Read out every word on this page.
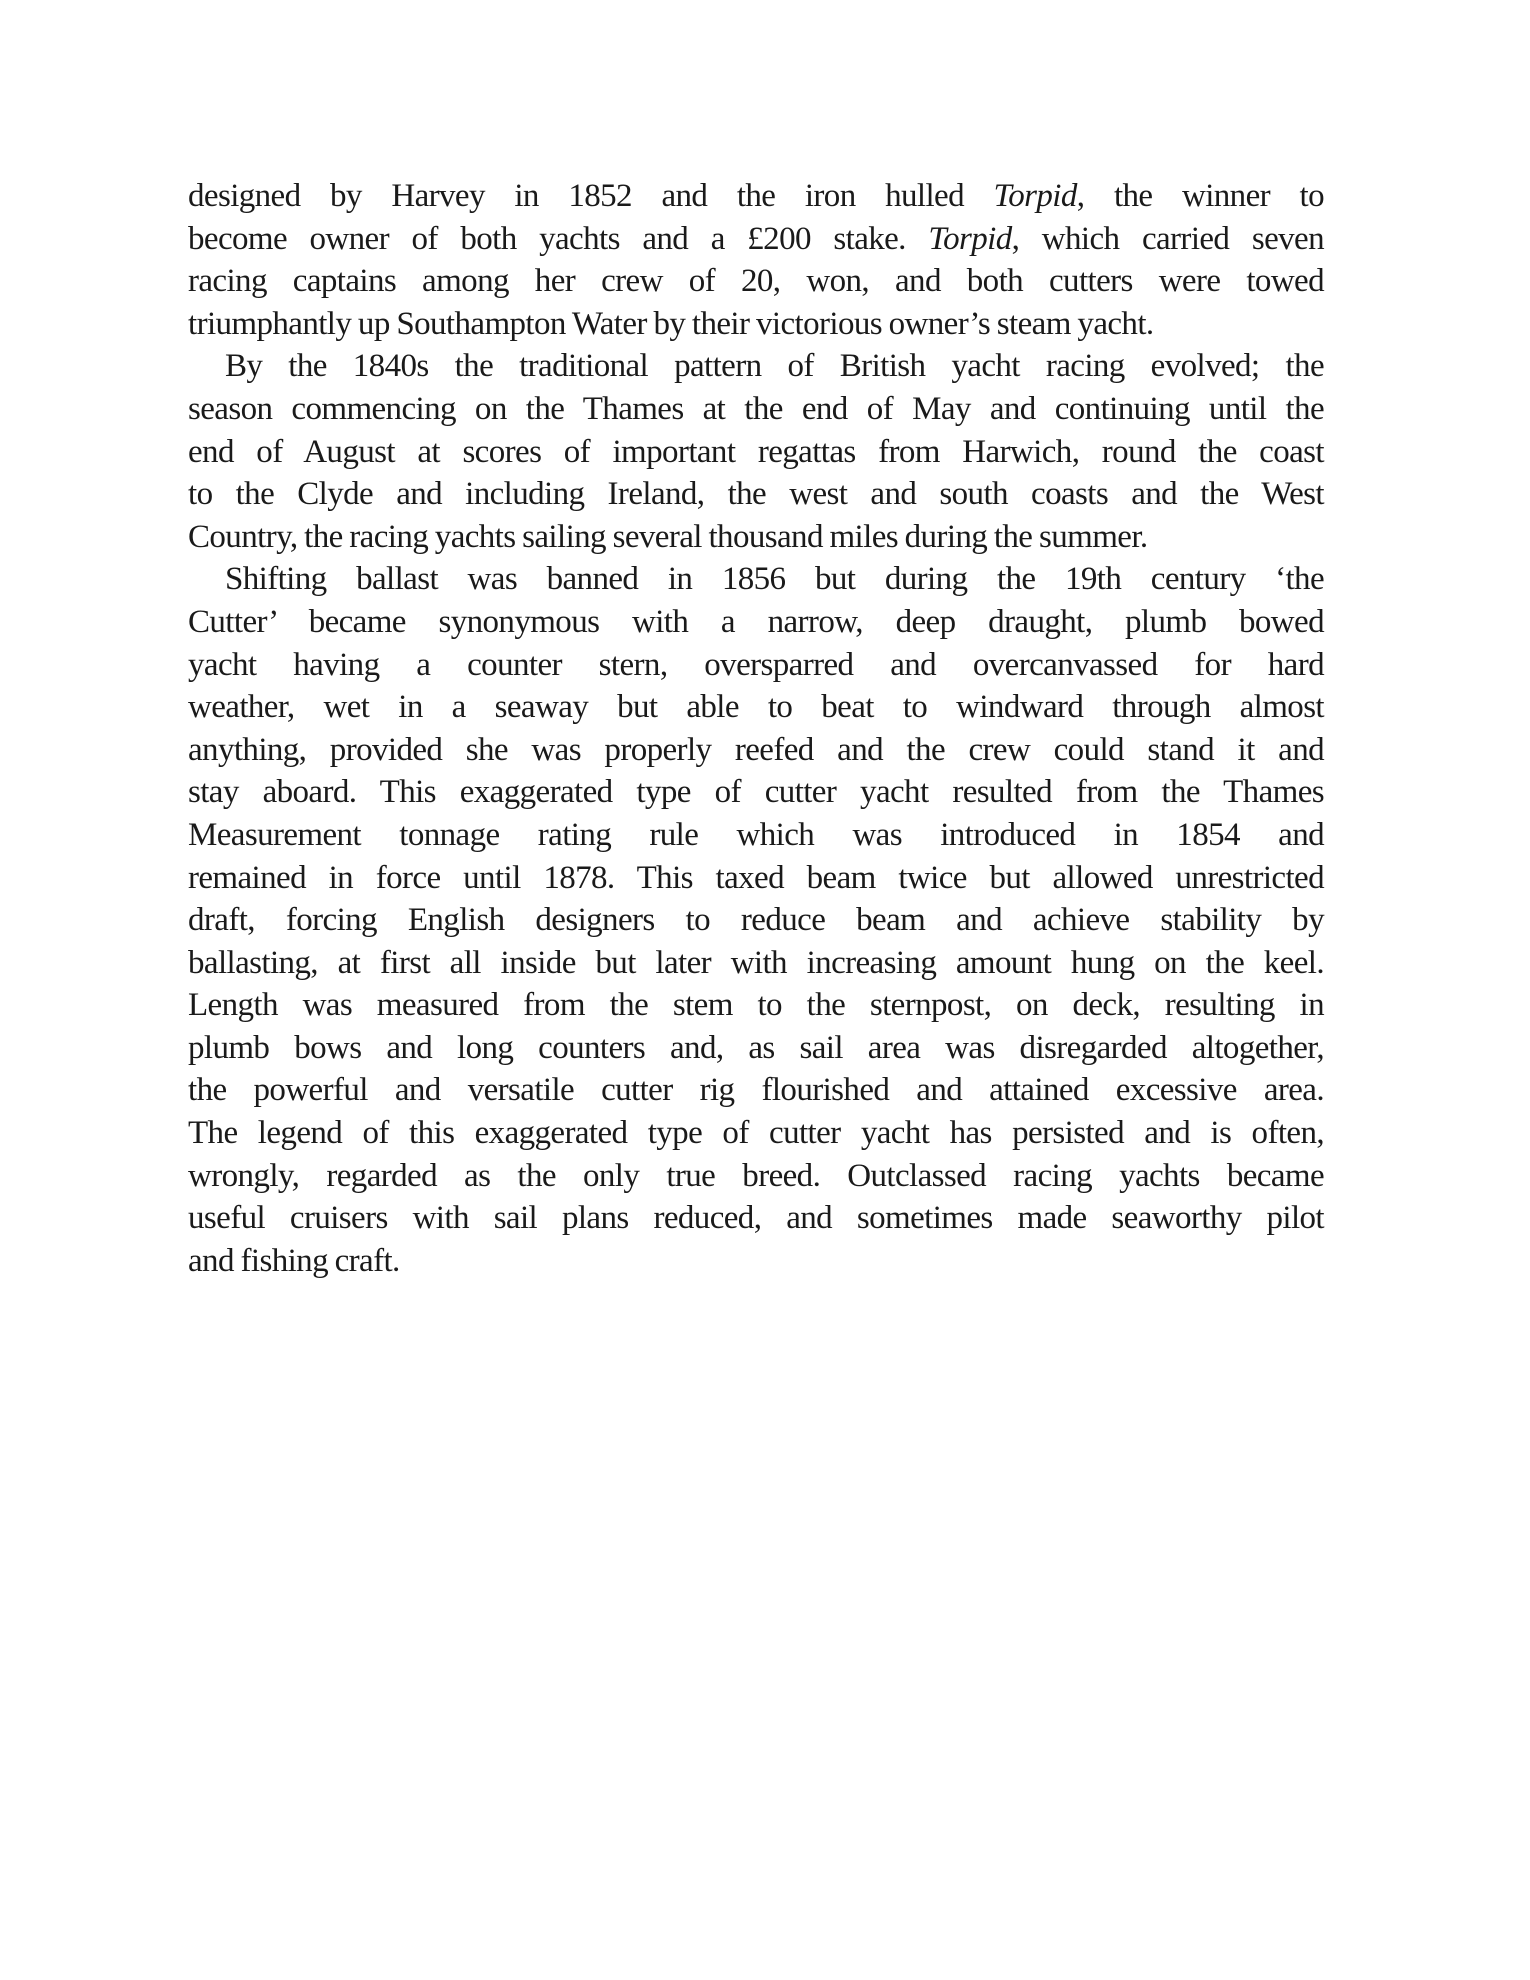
designed by Harvey in 1852 and the iron hulled Torpid, the winner to
become owner of both yachts and a £200 stake. Torpid, which carried seven
racing captains among her crew of 20, won, and both cutters were towed
triumphantly up Southampton Water by their victorious owner’s steam yacht.
By the 1840s the traditional pattern of British yacht racing evolved; the
season commencing on the Thames at the end of May and continuing until the
end of August at scores of important regattas from Harwich, round the coast
to the Clyde and including Ireland, the west and south coasts and the West
Country, the racing yachts sailing several thousand miles during the summer.
Shifting ballast was banned in 1856 but during the 19th century ‘the
Cutter’ became synonymous with a narrow, deep draught, plumb bowed
yacht having a counter stern, oversparred and overcanvassed for hard
weather, wet in a seaway but able to beat to windward through almost
anything, provided she was properly reefed and the crew could stand it and
stay aboard. This exaggerated type of cutter yacht resulted from the Thames
Measurement tonnage rating rule which was introduced in 1854 and
remained in force until 1878. This taxed beam twice but allowed unrestricted
draft, forcing English designers to reduce beam and achieve stability by
ballasting, at first all inside but later with increasing amount hung on the keel.
Length was measured from the stem to the sternpost, on deck, resulting in
plumb bows and long counters and, as sail area was disregarded altogether,
the powerful and versatile cutter rig flourished and attained excessive area.
The legend of this exaggerated type of cutter yacht has persisted and is often,
wrongly, regarded as the only true breed. Outclassed racing yachts became
useful cruisers with sail plans reduced, and sometimes made seaworthy pilot
and fishing craft.
